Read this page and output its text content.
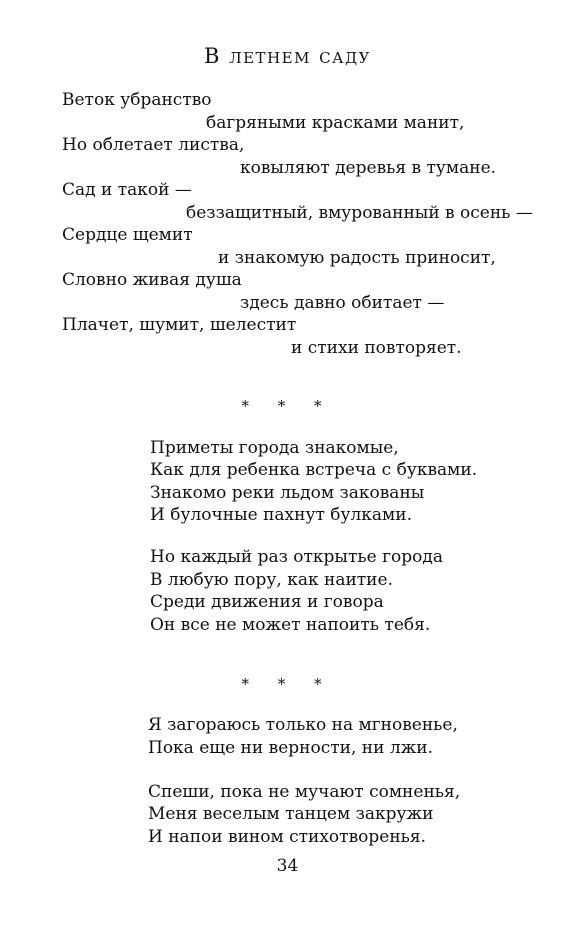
В летнем саду
Веток убранство
багряными красками манит,
Но облетает листва,
ковыляют деревья в тумане.
Сад и такой —
беззащитный, вмурованный в осень —
Сердце щемит
и знакомую радость приносит,
Словно живая душа
здесь давно обитает —
Плачет, шумит, шелестит
и стихи повторяет.
* * *
Приметы города знакомые,
Как для ребенка встреча с буквами.
Знакомо реки льдом закованы
И булочные пахнут булками.
Но каждый раз открытье города
В любую пору, как наитие.
Среди движения и говора
Он все не может напоить тебя.
* * *
Я загораюсь только на мгновенье,
Пока еще ни верности, ни лжи.
Спеши, пока не мучают сомненья,
Меня веселым танцем закружи
И напои вином стихотворенья.
34
